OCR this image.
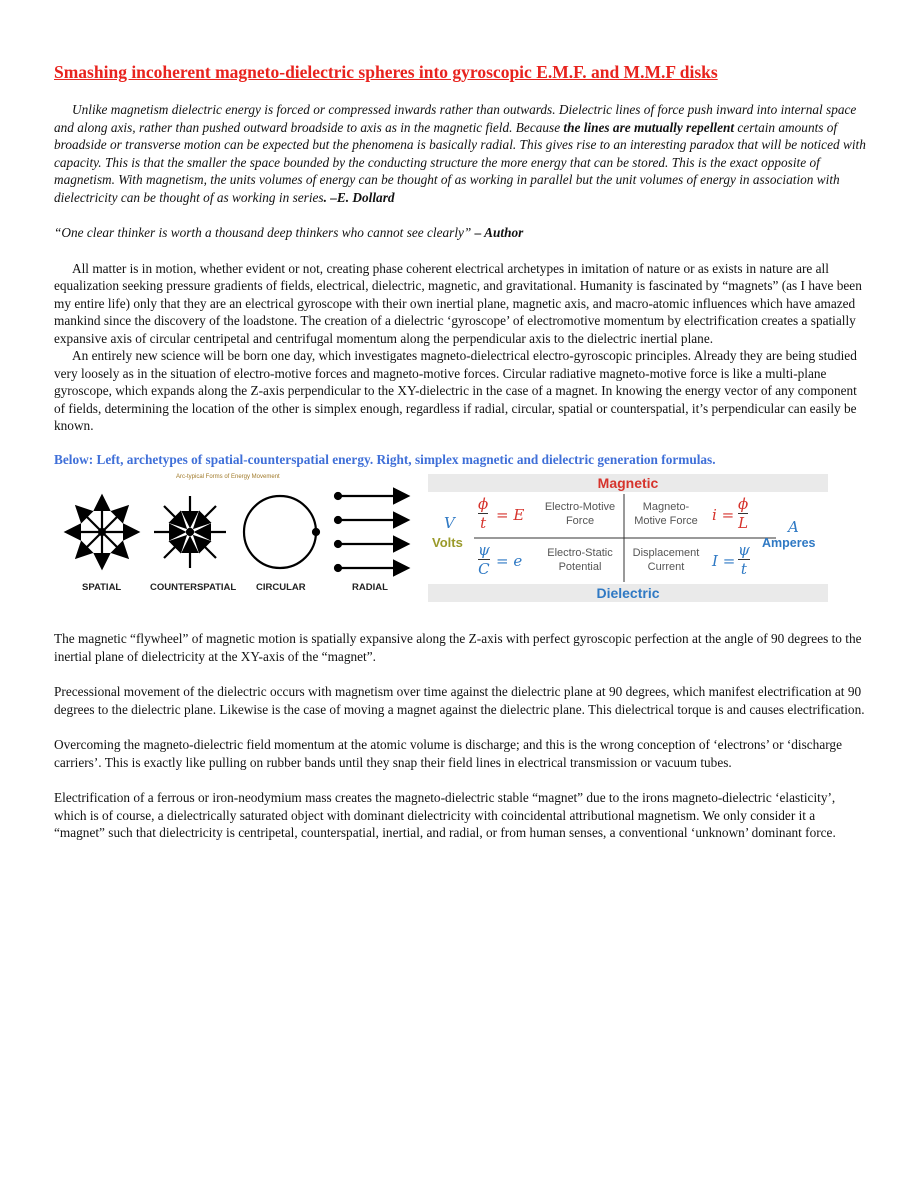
Smashing incoherent magneto-dielectric spheres into gyroscopic E.M.F. and M.M.F disks

Unlike magnetism dielectric energy is forced or compressed inwards rather than outwards. Dielectric lines of force push inward into internal space and along axis, rather than pushed outward broadside to axis as in the magnetic field. Because the lines are mutually repellent certain amounts of broadside or transverse motion can be expected but the phenomena is basically radial. This gives rise to an interesting paradox that will be noticed with capacity. This is that the smaller the space bounded by the conducting structure the more energy that can be stored. This is the exact opposite of magnetism. With magnetism, the units volumes of energy can be thought of as working in parallel but the unit volumes of energy in association with dielectricity can be thought of as working in series. –E. Dollard

“One clear thinker is worth a thousand deep thinkers who cannot see clearly” – Author

All matter is in motion, whether evident or not, creating phase coherent electrical archetypes in imitation of nature or as exists in nature are all equalization seeking pressure gradients of fields, electrical, dielectric, magnetic, and gravitational. Humanity is fascinated by “magnets” (as I have been my entire life) only that they are an electrical gyroscope with their own inertial plane, magnetic axis, and macro-atomic influences which have amazed mankind since the discovery of the loadstone. The creation of a dielectric ‘gyroscope’ of electromotive momentum by electrification creates a spatially expansive axis of circular centripetal and centrifugal momentum along the perpendicular axis to the dielectric inertial plane.

An entirely new science will be born one day, which investigates magneto-dielectrical electro-gyroscopic principles. Already they are being studied very loosely as in the situation of electro-motive forces and magneto-motive forces. Circular radiative magneto-motive force is like a multi-plane gyroscope, which expands along the Z-axis perpendicular to the XY-dielectric in the case of a magnet. In knowing the energy vector of any component of fields, determining the location of the other is simplex enough, regardless if radial, circular, spatial or counterspatial, it’s perpendicular can easily be known.

Below: Left, archetypes of spatial-counterspatial energy. Right, simplex magnetic and dielectric generation formulas.

Arc-typical Forms of Energy Movement
SPATIAL	COUNTERSPATIAL CIRCULAR	RADIAL
Magnetic
Dielectric
V
Volts
ϕ
t = E
ψ
C = e
Electro-Motive
Force
Electro-Static
Potential
Magneto-
Motive Force
Displacement
Current
i =
ϕ
L
I =
ψ
t
A
Amperes

The magnetic “flywheel” of magnetic motion is spatially expansive along the Z-axis with perfect gyroscopic perfection at the angle of 90 degrees to the inertial plane of dielectricity at the XY-axis of the “magnet”.

Precessional movement of the dielectric occurs with magnetism over time against the dielectric plane at 90 degrees, which manifest electrification at 90 degrees to the dielectric plane. Likewise is the case of moving a magnet against the dielectric plane. This dielectrical torque is and causes electrification.

Overcoming the magneto-dielectric field momentum at the atomic volume is discharge; and this is the wrong conception of ‘electrons’ or ‘discharge carriers’. This is exactly like pulling on rubber bands until they snap their field lines in electrical transmission or vacuum tubes.

Electrification of a ferrous or iron-neodymium mass creates the magneto-dielectric stable “magnet” due to the irons magneto-dielectric ‘elasticity’, which is of course, a dielectrically saturated object with dominant dielectricity with coincidental attributional magnetism. We only consider it a “magnet” such that dielectricity is centripetal, counterspatial, inertial, and radial, or from human senses, a conventional ‘unknown’ dominant force.
